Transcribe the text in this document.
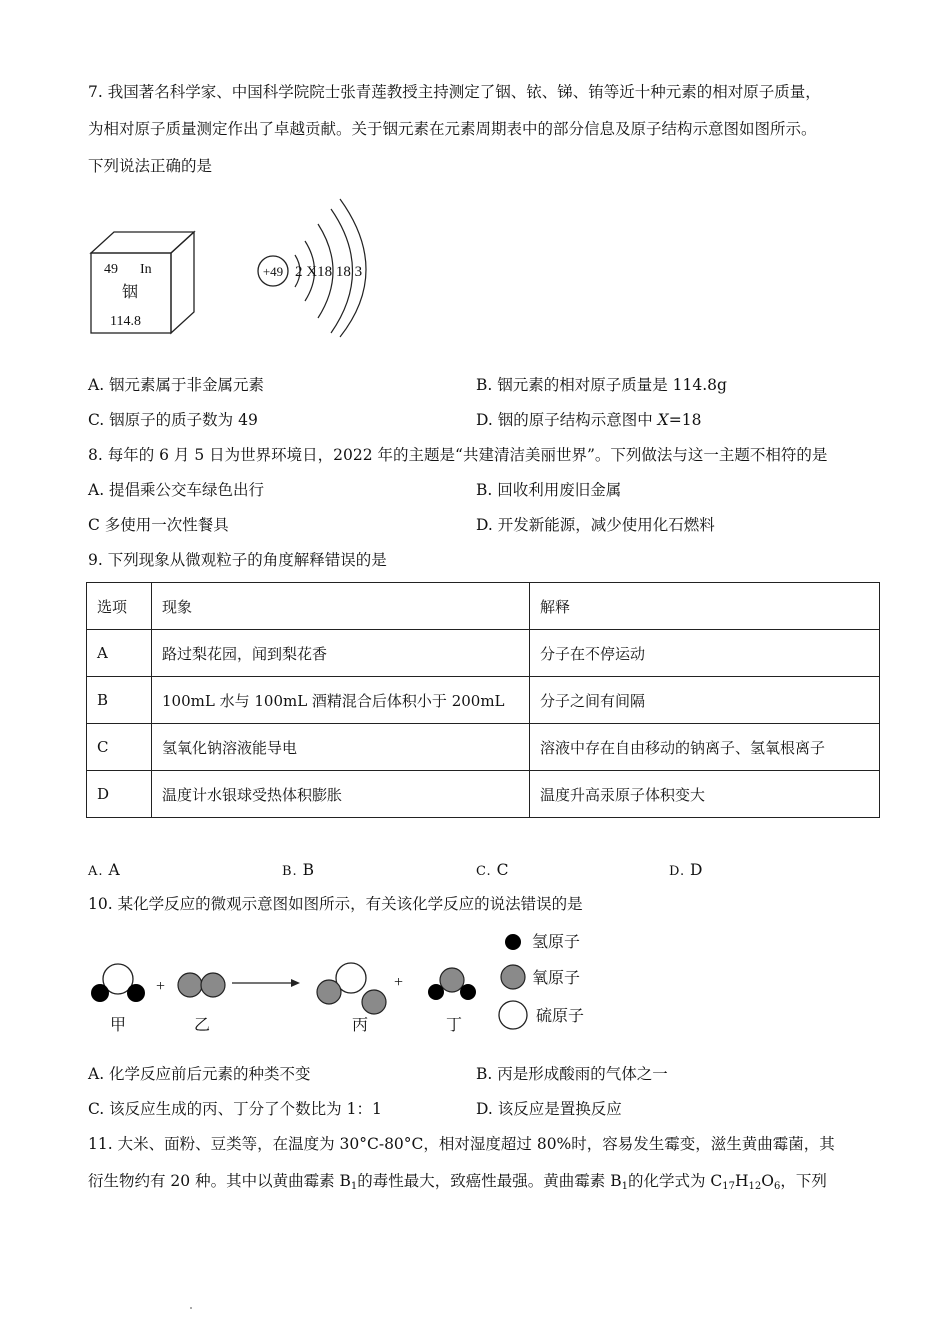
7. 我国著名科学家、中国科学院院士张青莲教授主持测定了铟、铱、锑、铕等近十种元素的相对原子质量，
为相对原子质量测定作出了卓越贡献。关于铟元素在元素周期表中的部分信息及原子结构示意图如图所示。
下列说法正确的是
49 In
铟
114.8
+49 2 X18 18 3
A. 铟元素属于非金属元素	B. 铟元素的相对原子质量是 114.8g
C. 铟原子的质子数为 49	D. 铟的原子结构示意图中 X=18
8. 每年的 6 月 5 日为世界环境日，2022 年的主题是“共建清洁美丽世界”。下列做法与这一主题不相符的是
A. 提倡乘公交车绿色出行	B. 回收利用废旧金属
C 多使用一次性餐具	D. 开发新能源，减少使用化石燃料
9. 下列现象从微观粒子的角度解释错误的是
选项	现象	解释
A	路过梨花园，闻到梨花香	分子在不停运动
B	100mL 水与 100mL 酒精混合后体积小于 200mL	分子之间有间隔
C	氢氧化钠溶液能导电	溶液中存在自由移动的钠离子、氢氧根离子
D	温度计水银球受热体积膨胀	温度升高汞原子体积变大
A. A	B. B	C. C	D. D
10. 某化学反应的微观示意图如图所示，有关该化学反应的说法错误的是
甲
+
乙	丙
+
丁
氢原子
氧原子
硫原子
A. 化学反应前后元素的种类不变	B. 丙是形成酸雨的气体之一
C. 该反应生成的丙、丁分了个数比为 1：1	D. 该反应是置换反应
11. 大米、面粉、豆类等，在温度为 30°C-80°C，相对湿度超过 80%时，容易发生霉变，滋生黄曲霉菌，其
衍生物约有 20 种。其中以黄曲霉素 $B_1$的毒性最大，致癌性最强。黄曲霉素 $B_1$的化学式为 $C_{17}H_{12}O_6$，下列
